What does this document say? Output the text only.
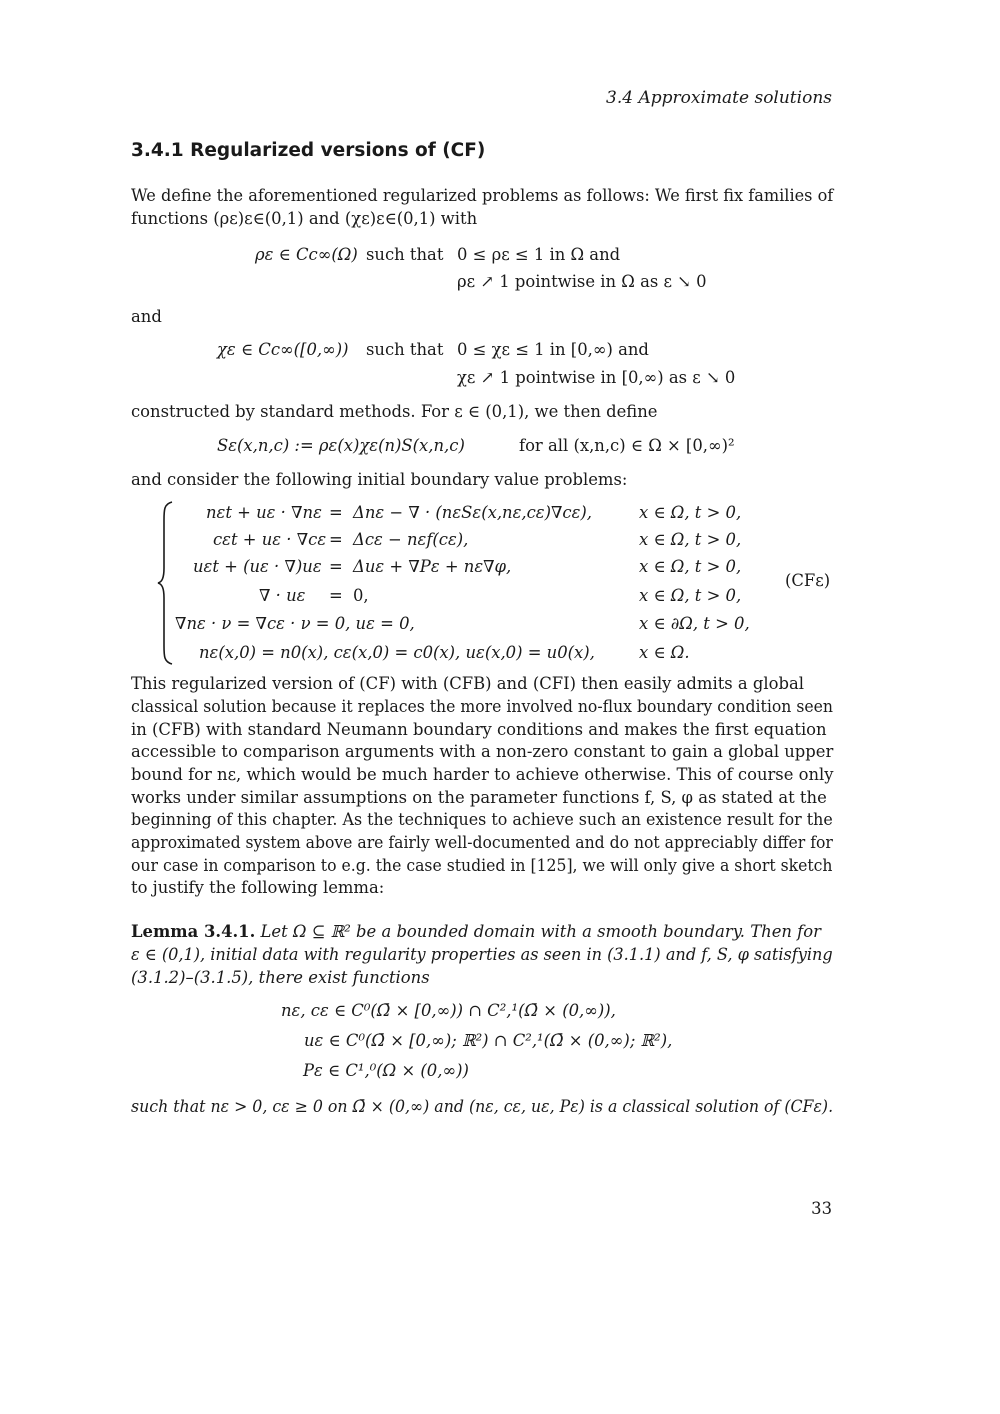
3.4 Approximate solutions
3.4.1 Regularized versions of (CF)
We define the aforementioned regularized problems as follows: We first fix families of
functions (ρε)ε∈(0,1) and (χε)ε∈(0,1) with
ρε ∈ Cc∞(Ω) such that 0 ≤ ρε ≤ 1 in Ω and
ρε ↗ 1 pointwise in Ω as ε ↘ 0
and
χε ∈ Cc∞([0,∞)) such that 0 ≤ χε ≤ 1 in [0,∞) and
χε ↗ 1 pointwise in [0,∞) as ε ↘ 0
constructed by standard methods. For ε ∈ (0,1), we then define
Sε(x,n,c) := ρε(x)χε(n)S(x,n,c)	for all (x,n,c) ∈ Ω × [0,∞)²
and consider the following initial boundary value problems:
nεt + uε · ∇nε = Δnε − ∇ · (nεSε(x,nε,cε)∇cε),	x ∈ Ω, t > 0,
cεt + uε · ∇cε = Δcε − nεf(cε),	x ∈ Ω, t > 0,
uεt + (uε · ∇)uε = Δuε + ∇Pε + nε∇φ,	x ∈ Ω, t > 0,
∇ · uε = 0,	x ∈ Ω, t > 0,
∇nε · ν = ∇cε · ν = 0, uε = 0,	x ∈ ∂Ω, t > 0,
nε(x,0) = n0(x), cε(x,0) = c0(x), uε(x,0) = u0(x),	x ∈ Ω.
(CFε)
This regularized version of (CF) with (CFB) and (CFI) then easily admits a global
classical solution because it replaces the more involved no-flux boundary condition seen
in (CFB) with standard Neumann boundary conditions and makes the first equation
accessible to comparison arguments with a non-zero constant to gain a global upper
bound for nε, which would be much harder to achieve otherwise. This of course only
works under similar assumptions on the parameter functions f, S, φ as stated at the
beginning of this chapter. As the techniques to achieve such an existence result for the
approximated system above are fairly well-documented and do not appreciably differ for
our case in comparison to e.g. the case studied in [125], we will only give a short sketch
to justify the following lemma:
Lemma 3.4.1. Let Ω ⊆ ℝ² be a bounded domain with a smooth boundary. Then for
ε ∈ (0,1), initial data with regularity properties as seen in (3.1.1) and f, S, φ satisfying
(3.1.2)–(3.1.5), there exist functions
nε, cε ∈ C⁰(Ω̄ × [0,∞)) ∩ C²,¹(Ω̄ × (0,∞)),
uε ∈ C⁰(Ω̄ × [0,∞); ℝ²) ∩ C²,¹(Ω̄ × (0,∞); ℝ²),
Pε ∈ C¹,⁰(Ω × (0,∞))
such that nε > 0, cε ≥ 0 on Ω̄ × (0,∞) and (nε, cε, uε, Pε) is a classical solution of (CFε).
33
